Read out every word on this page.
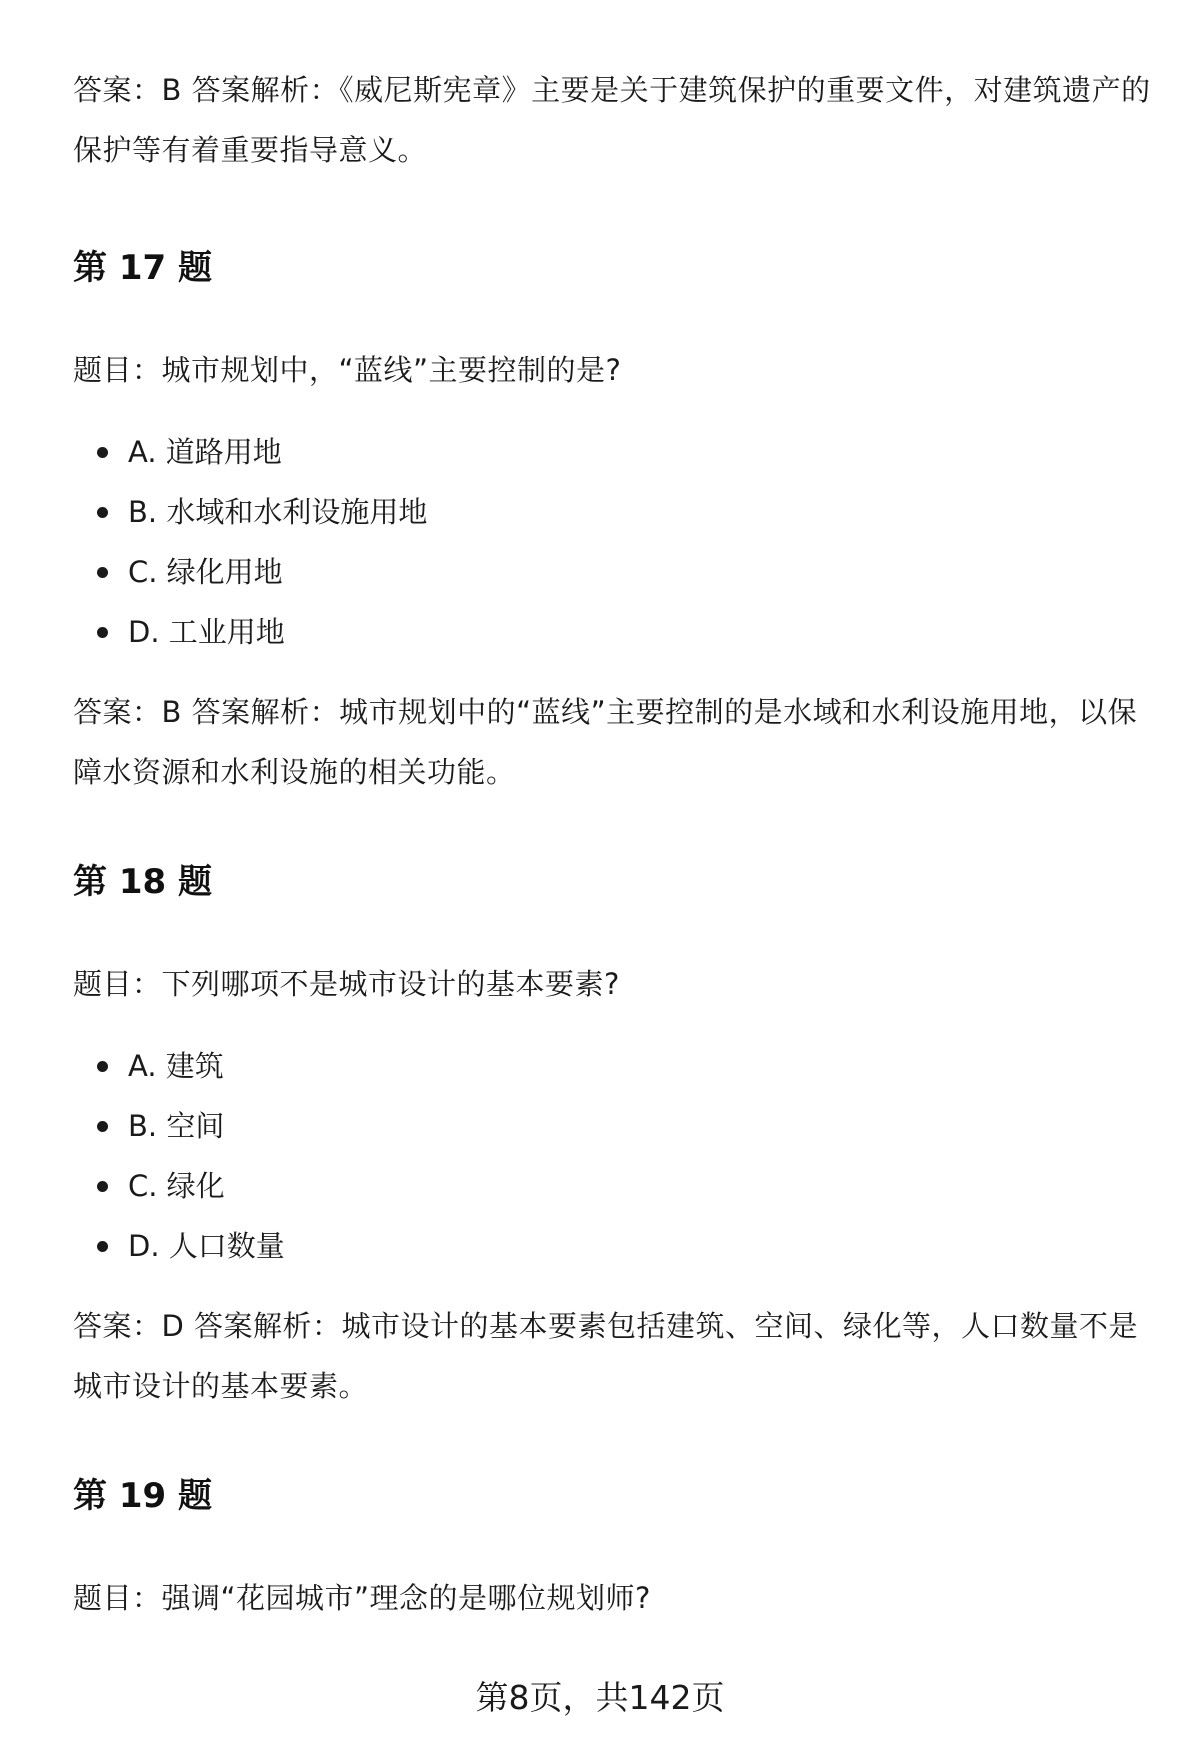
答案：B 答案解析：《威尼斯宪章》主要是关于建筑保护的重要文件，对建筑遗产的保护等有着重要指导意义。

第 17 题

题目：城市规划中，“蓝线”主要控制的是?

A. 道路用地
B. 水域和水利设施用地
C. 绿化用地
D. 工业用地

答案：B 答案解析：城市规划中的“蓝线”主要控制的是水域和水利设施用地，以保障水资源和水利设施的相关功能。

第 18 题

题目：下列哪项不是城市设计的基本要素?

A. 建筑
B. 空间
C. 绿化
D. 人口数量

答案：D 答案解析：城市设计的基本要素包括建筑、空间、绿化等，人口数量不是城市设计的基本要素。

第 19 题

题目：强调“花园城市”理念的是哪位规划师?

第8页，共142页
